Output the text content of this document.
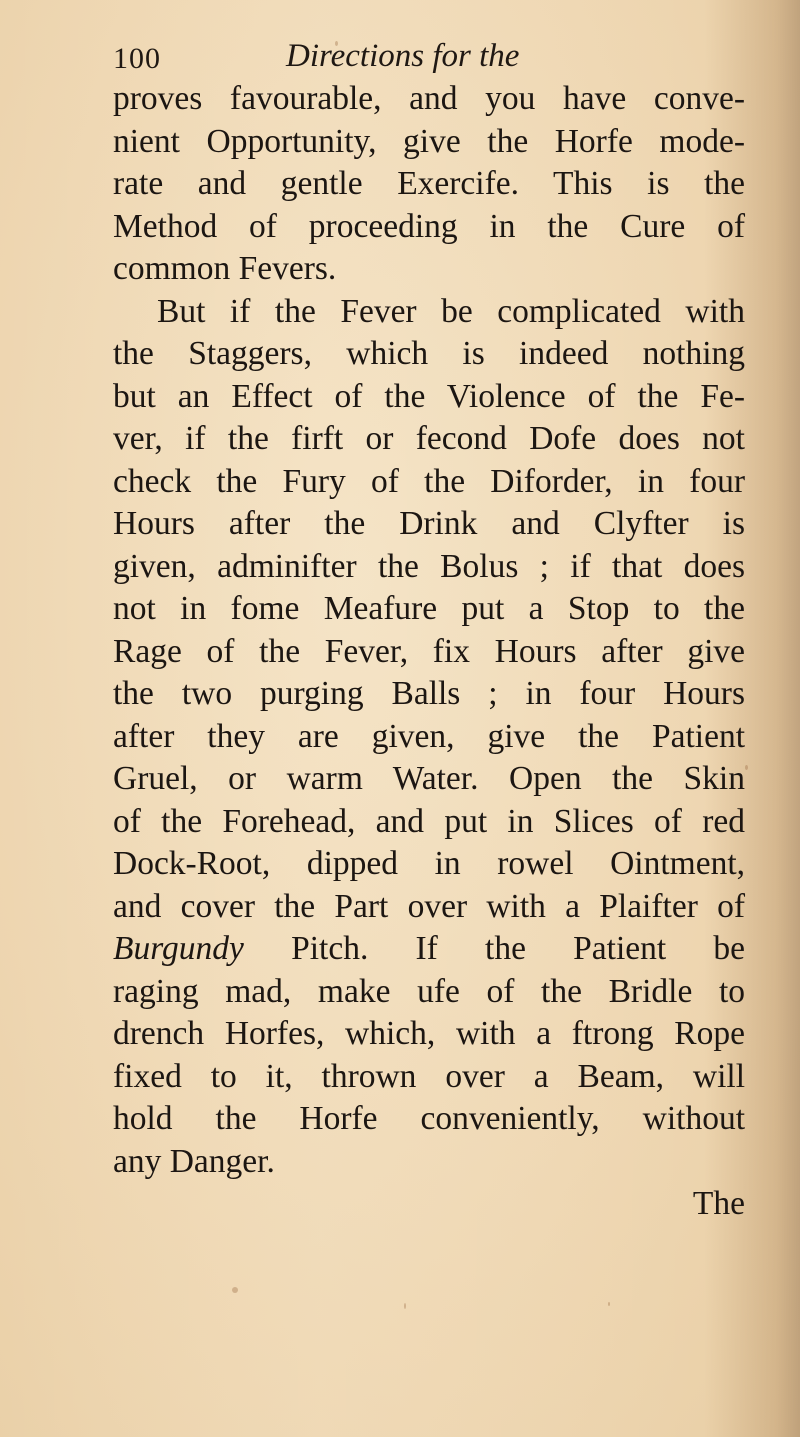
100	Directions for the
proves favourable, and you have conve-
nient Opportunity, give the Horfe mode-
rate and gentle Exercife. This is the
Method of proceeding in the Cure of
common Fevers.
But if the Fever be complicated with
the Staggers, which is indeed nothing
but an Effect of the Violence of the Fe-
ver, if the firft or fecond Dofe does not
check the Fury of the Diforder, in four
Hours after the Drink and Clyfter is
given, adminifter the Bolus ; if that does
not in fome Meafure put a Stop to the
Rage of the Fever, fix Hours after give
the two purging Balls ; in four Hours
after they are given, give the Patient
Gruel, or warm Water. Open the Skin
of the Forehead, and put in Slices of red
Dock-Root, dipped in rowel Ointment,
and cover the Part over with a Plaifter of
Burgundy Pitch. If the Patient be
raging mad, make ufe of the Bridle to
drench Horfes, which, with a ftrong Rope
fixed to it, thrown over a Beam, will
hold the Horfe conveniently, without
any Danger.
The
